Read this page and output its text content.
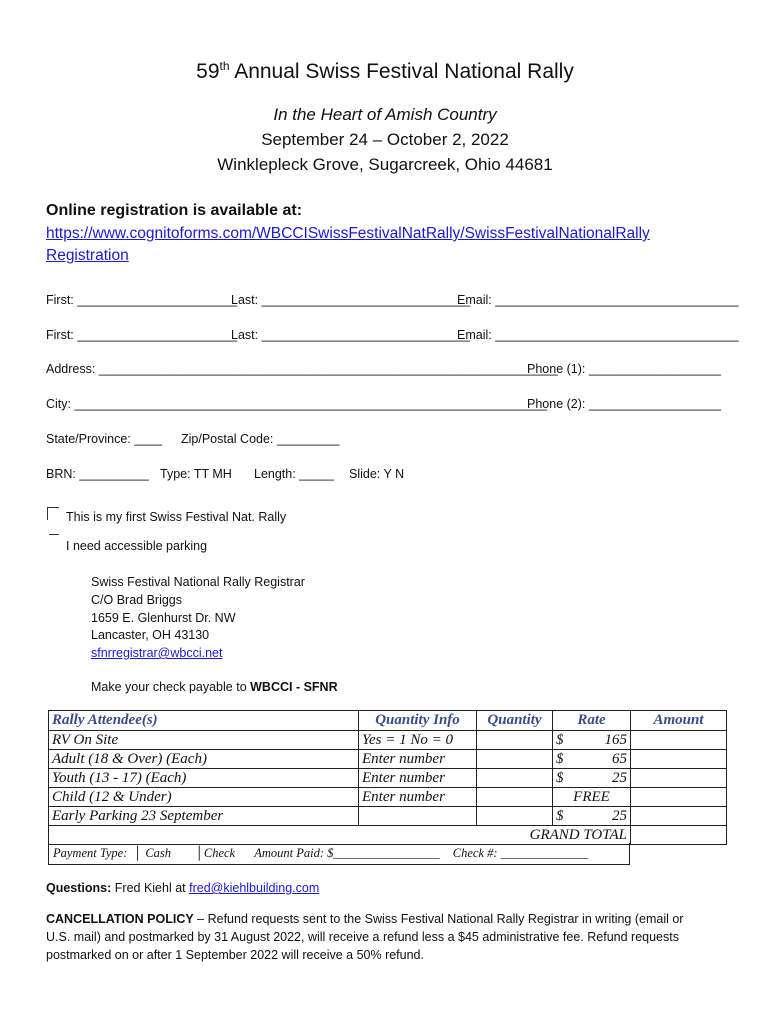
59th Annual Swiss Festival National Rally
In the Heart of Amish Country
September 24 – October 2, 2022
Winklepleck Grove, Sugarcreek, Ohio 44681
Online registration is available at:
https://www.cognitoforms.com/WBCCISwissFestivalNatRally/SwissFestivalNationalRally
Registration
First: _______________________
Last: ______________________________
Email: ___________________________________
First: _______________________
Last: ______________________________
Email: ___________________________________
Address: __________________________________________________________________
Phone (1): ___________________
City: ____________________________________________________________________
Phone (2): ___________________
State/Province: ____ Zip/Postal Code: _________
BRN: __________ Type: TT MH Length: _____ Slide: Y N
This is my first Swiss Festival Nat. Rally
I need accessible parking
Swiss Festival National Rally Registrar
C/O Brad Briggs
1659 E. Glenhurst Dr. NW
Lancaster, OH 43130
sfnrregistrar@wbcci.net
Make your check payable to WBCCI - SFNR
Rally Attendee(s)	Quantity Info	Quantity	Rate	Amount
RV On Site	Yes = 1 No = 0		$ 165	

Adult (18 & Over) (Each)	Enter number		$ 65	

Youth (13 - 17) (Each)	Enter number		$ 25	

Child (12 & Under)	Enter number		FREE	
Early Parking 23 September			$ 25	

GRAND TOTAL				
Payment Type: │ Cash │Check Amount Paid: $_________________ Check #: ______________
Questions: Fred Kiehl at fred@kiehlbuilding.com
CANCELLATION POLICY – Refund requests sent to the Swiss Festival National Rally Registrar in writing (email or U.S. mail) and postmarked by 31 August 2022, will receive a refund less a $45 administrative fee. Refund requests postmarked on or after 1 September 2022 will receive a 50% refund.
